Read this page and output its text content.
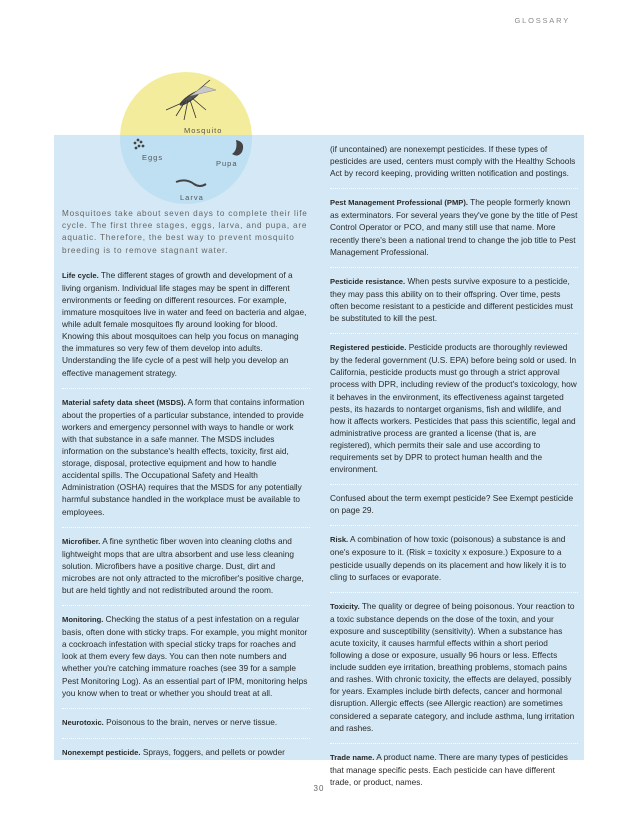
GLOSSARY
Mosquito
Eggs
Pupa
Larva

Mosquitoes take about seven days to complete their life cycle. The first three stages, eggs, larva, and pupa, are aquatic. Therefore, the best way to prevent mosquito breeding is to remove stagnant water.

Life cycle. The different stages of growth and development of a living organism. Individual life stages may be spent in different environments or feeding on different resources. For example, immature mosquitoes live in water and feed on bacteria and algae, while adult female mosquitoes fly around looking for blood. Knowing this about mosquitoes can help you focus on managing the immatures so very few of them develop into adults. Understanding the life cycle of a pest will help you develop an effective management strategy.

Material safety data sheet (MSDS). A form that contains information about the properties of a particular substance, intended to provide workers and emergency personnel with ways to handle or work with that substance in a safe manner. The MSDS includes information on the substance's health effects, toxicity, first aid, storage, disposal, protective equipment and how to handle accidental spills. The Occupational Safety and Health Administration (OSHA) requires that the MSDS for any potentially harmful substance handled in the workplace must be available to employees.

Microfiber. A fine synthetic fiber woven into cleaning cloths and lightweight mops that are ultra absorbent and use less cleaning solution. Microfibers have a positive charge. Dust, dirt and microbes are not only attracted to the microfiber's positive charge, but are held tightly and not redistributed around the room.

Monitoring. Checking the status of a pest infestation on a regular basis, often done with sticky traps. For example, you might monitor a cockroach infestation with special sticky traps for roaches and look at them every few days. You can then note numbers and whether you're catching immature roaches (see 39 for a sample Pest Monitoring Log). As an essential part of IPM, monitoring helps you know when to treat or whether you should treat at all.

Neurotoxic. Poisonous to the brain, nerves or nerve tissue.

Nonexempt pesticide. Sprays, foggers, and pellets or powder

(if uncontained) are nonexempt pesticides. If these types of pesticides are used, centers must comply with the Healthy Schools Act by record keeping, providing written notification and postings.

Pest Management Professional (PMP). The people formerly known as exterminators. For several years they've gone by the title of Pest Control Operator or PCO, and many still use that name. More recently there's been a national trend to change the job title to Pest Management Professional.

Pesticide resistance. When pests survive exposure to a pesticide, they may pass this ability on to their offspring. Over time, pests often become resistant to a pesticide and different pesticides must be substituted to kill the pest.

Registered pesticide. Pesticide products are thoroughly reviewed by the federal government (U.S. EPA) before being sold or used. In California, pesticide products must go through a strict approval process with DPR, including review of the product's toxicology, how it behaves in the environment, its effectiveness against targeted pests, its hazards to nontarget organisms, fish and wildlife, and how it affects workers. Pesticides that pass this scientific, legal and administrative process are granted a license (that is, are registered), which permits their sale and use according to requirements set by DPR to protect human health and the environment.

Confused about the term exempt pesticide? See Exempt pesticide on page 29.

Risk. A combination of how toxic (poisonous) a substance is and one's exposure to it. (Risk = toxicity x exposure.) Exposure to a pesticide usually depends on its placement and how likely it is to cling to surfaces or evaporate.

Toxicity. The quality or degree of being poisonous. Your reaction to a toxic substance depends on the dose of the toxin, and your exposure and susceptibility (sensitivity). When a substance has acute toxicity, it causes harmful effects within a short period following a dose or exposure, usually 96 hours or less. Effects include sudden eye irritation, breathing problems, stomach pains and rashes. With chronic toxicity, the effects are delayed, possibly for years. Examples include birth defects, cancer and hormonal disruption. Allergic effects (see Allergic reaction) are sometimes considered a separate category, and include asthma, lung irritation and rashes.

Trade name. A product name. There are many types of pesticides that manage specific pests. Each pesticide can have different trade, or product, names.

30
